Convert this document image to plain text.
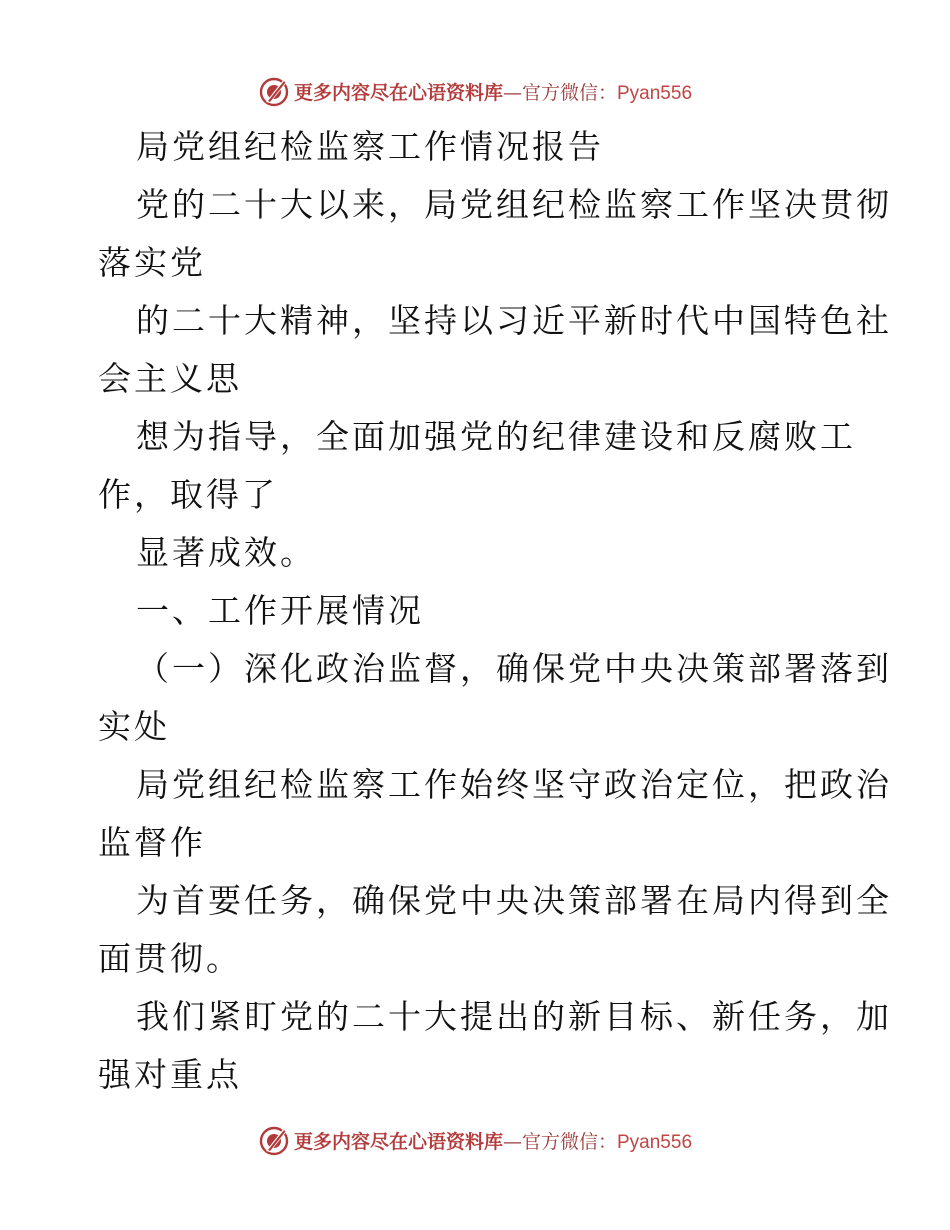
更多内容尽在心语资料库—官方微信：Pyan556
局党组纪检监察工作情况报告
党的二十大以来，局党组纪检监察工作坚决贯彻
落实党
的二十大精神，坚持以习近平新时代中国特色社
会主义思
想为指导，全面加强党的纪律建设和反腐败工
作，取得了
显著成效。
一、工作开展情况
（一）深化政治监督，确保党中央决策部署落到
实处
局党组纪检监察工作始终坚守政治定位，把政治
监督作
为首要任务，确保党中央决策部署在局内得到全
面贯彻。
我们紧盯党的二十大提出的新目标、新任务，加
强对重点
更多内容尽在心语资料库—官方微信：Pyan556
